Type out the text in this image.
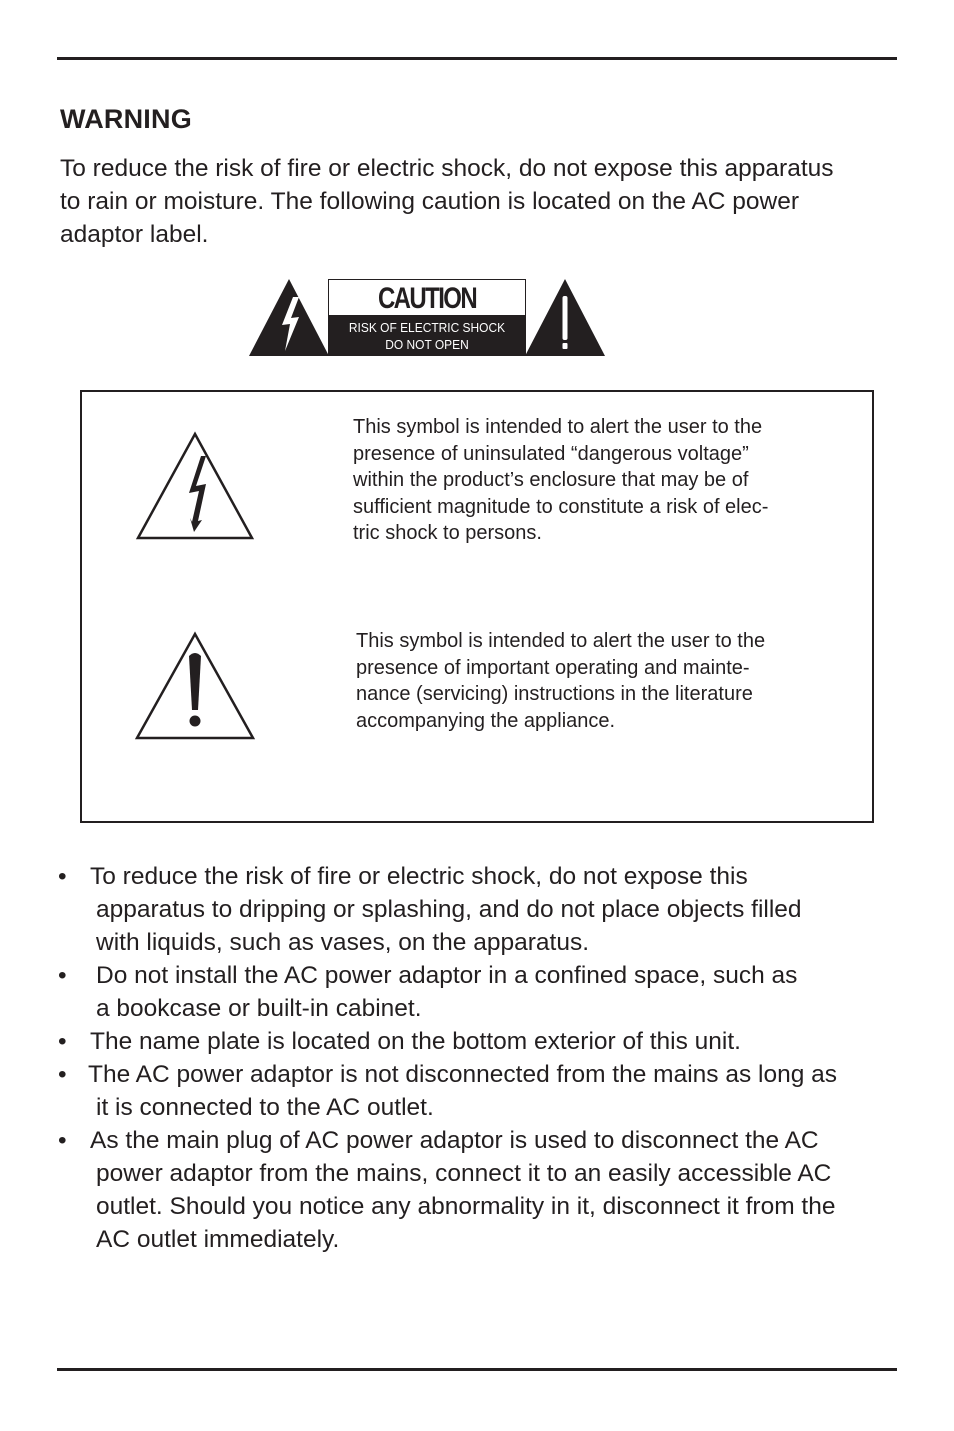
WARNING

To reduce the risk of fire or electric shock, do not expose this apparatus
to rain or moisture. The following caution is located on the AC power
adaptor label.

CAUTION
RISK OF ELECTRIC SHOCK
DO NOT OPEN

This symbol is intended to alert the user to the
presence of uninsulated “dangerous voltage”
within the product’s enclosure that may be of
sufficient magnitude to constitute a risk of elec-
tric shock to persons.

This symbol is intended to alert the user to the
presence of important operating and mainte-
nance (servicing) instructions in the literature
accompanying the appliance.

• To reduce the risk of fire or electric shock, do not expose this
apparatus to dripping or splashing, and do not place objects filled
with liquids, such as vases, on the apparatus.
•	Do not install the AC power adaptor in a confined space, such as
a bookcase or built-in cabinet.
• The name plate is located on the bottom exterior of this unit.
• The AC power adaptor is not disconnected from the mains as long as
it is connected to the AC outlet.
• As the main plug of AC power adaptor is used to disconnect the AC
power adaptor from the mains, connect it to an easily accessible AC
outlet. Should you notice any abnormality in it, disconnect it from the
AC outlet immediately.
